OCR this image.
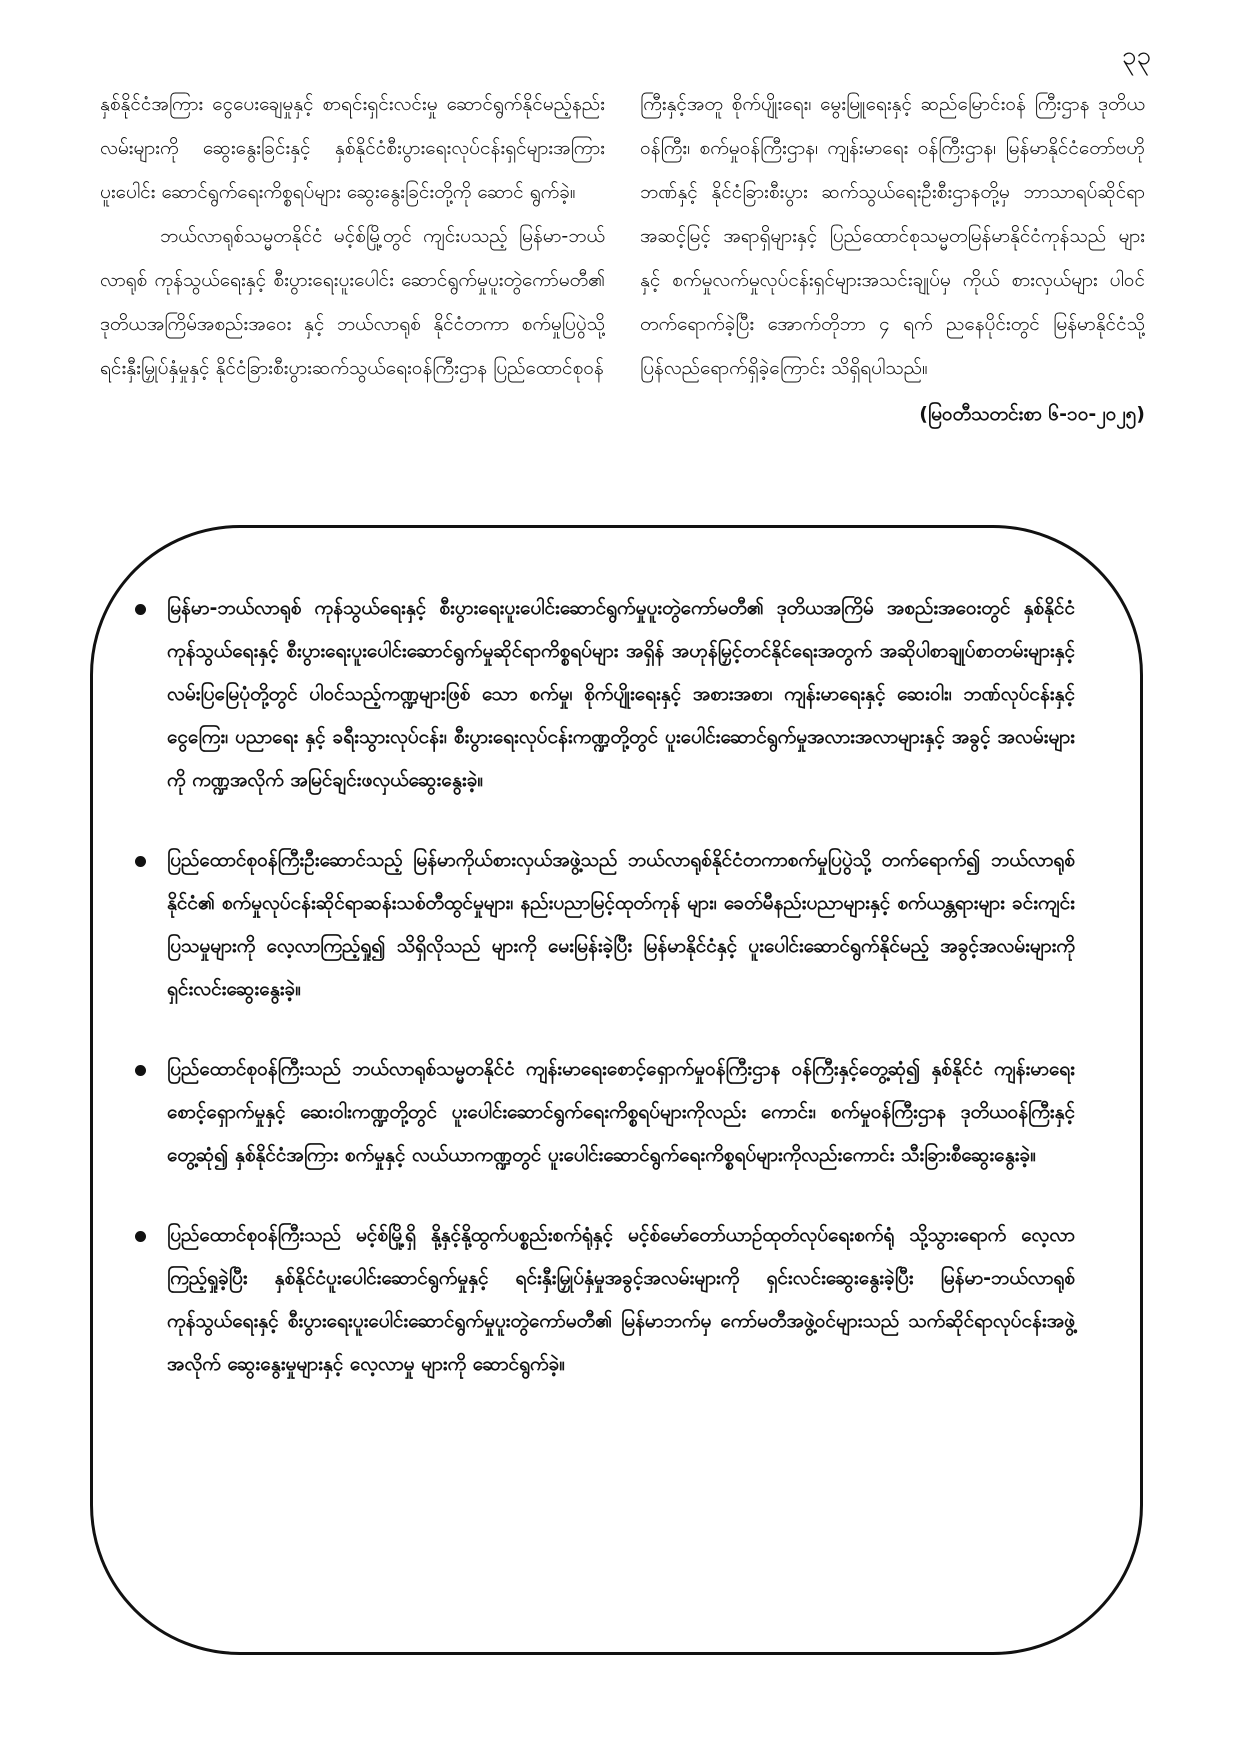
၃၃

နှစ်နိုင်ငံအကြား ငွေပေးချေမှုနှင့် စာရင်းရှင်းလင်းမှု ဆောင်ရွက်နိုင်မည့်နည်းလမ်းများကို ဆွေးနွေးခြင်းနှင့် နှစ်နိုင်ငံစီးပွားရေးလုပ်ငန်းရှင်များအကြား ပူးပေါင်း ဆောင်ရွက်ရေးကိစ္စရပ်များ ဆွေးနွေးခြင်းတို့ကို ဆောင် ရွက်ခဲ့။

ဘယ်လာရုစ်သမ္မတနိုင်ငံ မင့်စ်မြို့တွင် ကျင်းပသည့် မြန်မာ-ဘယ်လာရုစ် ကုန်သွယ်ရေးနှင့် စီးပွားရေးပူးပေါင်း ဆောင်ရွက်မှုပူးတွဲကော်မတီ၏ ဒုတိယအကြိမ်အစည်းအဝေး နှင့် ဘယ်လာရုစ် နိုင်ငံတကာ စက်မှုပြပွဲသို့ ရင်းနှီးမြှုပ်နှံမှုနှင့် နိုင်ငံခြားစီးပွားဆက်သွယ်ရေးဝန်ကြီးဌာန ပြည်ထောင်စုဝန်

ကြီးနှင့်အတူ စိုက်ပျိုးရေး၊ မွေးမြူရေးနှင့် ဆည်မြောင်းဝန် ကြီးဌာန ဒုတိယဝန်ကြီး၊ စက်မှုဝန်ကြီးဌာန၊ ကျန်းမာရေး ဝန်ကြီးဌာန၊ မြန်မာနိုင်ငံတော်ဗဟိုဘဏ်နှင့် နိုင်ငံခြားစီးပွား ဆက်သွယ်ရေးဦးစီးဌာနတို့မှ ဘာသာရပ်ဆိုင်ရာ အဆင့်မြင့် အရာရှိများနှင့် ပြည်ထောင်စုသမ္မတမြန်မာနိုင်ငံကုန်သည် များနှင့် စက်မှုလက်မှုလုပ်ငန်းရှင်များအသင်းချုပ်မှ ကိုယ် စားလှယ်များ ပါဝင်တက်ရောက်ခဲ့ပြီး အောက်တိုဘာ ၄ ရက် ညနေပိုင်းတွင် မြန်မာနိုင်ငံသို့ ပြန်လည်ရောက်ရှိခဲ့ကြောင်း သိရှိရပါသည်။

(မြဝတီသတင်းစာ ၆-၁၀-၂၀၂၅)

မြန်မာ-ဘယ်လာရုစ် ကုန်သွယ်ရေးနှင့် စီးပွားရေးပူးပေါင်းဆောင်ရွက်မှုပူးတွဲကော်မတီ၏ ဒုတိယအကြိမ် အစည်းအဝေးတွင် နှစ်နိုင်ငံ ကုန်သွယ်ရေးနှင့် စီးပွားရေးပူးပေါင်းဆောင်ရွက်မှုဆိုင်ရာကိစ္စရပ်များ အရှိန် အဟုန်မြှင့်တင်နိုင်ရေးအတွက် အဆိုပါစာချုပ်စာတမ်းများနှင့် လမ်းပြမြေပုံတို့တွင် ပါဝင်သည့်ကဏ္ဍများဖြစ် သော စက်မှု၊ စိုက်ပျိုးရေးနှင့် အစားအစာ၊ ကျန်းမာရေးနှင့် ဆေးဝါး၊ ဘဏ်လုပ်ငန်းနှင့် ငွေကြေး၊ ပညာရေး နှင့် ခရီးသွားလုပ်ငန်း၊ စီးပွားရေးလုပ်ငန်းကဏ္ဍတို့တွင် ပူးပေါင်းဆောင်ရွက်မှုအလားအလာများနှင့် အခွင့် အလမ်းများကို ကဏ္ဍအလိုက် အမြင်ချင်းဖလှယ်ဆွေးနွေးခဲ့။
ပြည်ထောင်စုဝန်ကြီးဦးဆောင်သည့် မြန်မာကိုယ်စားလှယ်အဖွဲ့သည် ဘယ်လာရုစ်နိုင်ငံတကာစက်မှုပြပွဲသို့ တက်ရောက်၍ ဘယ်လာရုစ်နိုင်ငံ၏ စက်မှုလုပ်ငန်းဆိုင်ရာဆန်းသစ်တီထွင်မှုများ၊ နည်းပညာမြင့်ထုတ်ကုန် များ၊ ခေတ်မီနည်းပညာများနှင့် စက်ယန္တရားများ ခင်းကျင်းပြသမှုများကို လေ့လာကြည့်ရှု၍ သိရှိလိုသည် များကို မေးမြန်းခဲ့ပြီး မြန်မာနိုင်ငံနှင့် ပူးပေါင်းဆောင်ရွက်နိုင်မည့် အခွင့်အလမ်းများကို ရှင်းလင်းဆွေးနွေးခဲ့။
ပြည်ထောင်စုဝန်ကြီးသည် ဘယ်လာရုစ်သမ္မတနိုင်ငံ ကျန်းမာရေးစောင့်ရှောက်မှုဝန်ကြီးဌာန ဝန်ကြီးနှင့်တွေ့ဆုံ၍ နှစ်နိုင်ငံ ကျန်းမာရေးစောင့်ရှောက်မှုနှင့် ဆေးဝါးကဏ္ဍတို့တွင် ပူးပေါင်းဆောင်ရွက်ရေးကိစ္စရပ်များကိုလည်း ကောင်း၊ စက်မှုဝန်ကြီးဌာန ဒုတိယဝန်ကြီးနှင့်တွေ့ဆုံ၍ နှစ်နိုင်ငံအကြား စက်မှုနှင့် လယ်ယာကဏ္ဍတွင် ပူးပေါင်းဆောင်ရွက်ရေးကိစ္စရပ်များကိုလည်းကောင်း သီးခြားစီဆွေးနွေးခဲ့။
ပြည်ထောင်စုဝန်ကြီးသည် မင့်စ်မြို့ရှိ နို့နှင့်နို့ထွက်ပစ္စည်းစက်ရုံနှင့် မင့်စ်မော်တော်ယာဉ်ထုတ်လုပ်ရေးစက်ရုံ သို့သွားရောက် လေ့လာကြည့်ရှုခဲ့ပြီး နှစ်နိုင်ငံပူးပေါင်းဆောင်ရွက်မှုနှင့် ရင်းနှီးမြှုပ်နှံမှုအခွင့်အလမ်းများကို ရှင်းလင်းဆွေးနွေးခဲ့ပြီး မြန်မာ-ဘယ်လာရုစ် ကုန်သွယ်ရေးနှင့် စီးပွားရေးပူးပေါင်းဆောင်ရွက်မှုပူးတွဲကော်မတီ၏ မြန်မာဘက်မှ ကော်မတီအဖွဲ့ဝင်များသည် သက်ဆိုင်ရာလုပ်ငန်းအဖွဲ့အလိုက် ဆွေးနွေးမှုများနှင့် လေ့လာမှု များကို ဆောင်ရွက်ခဲ့။
